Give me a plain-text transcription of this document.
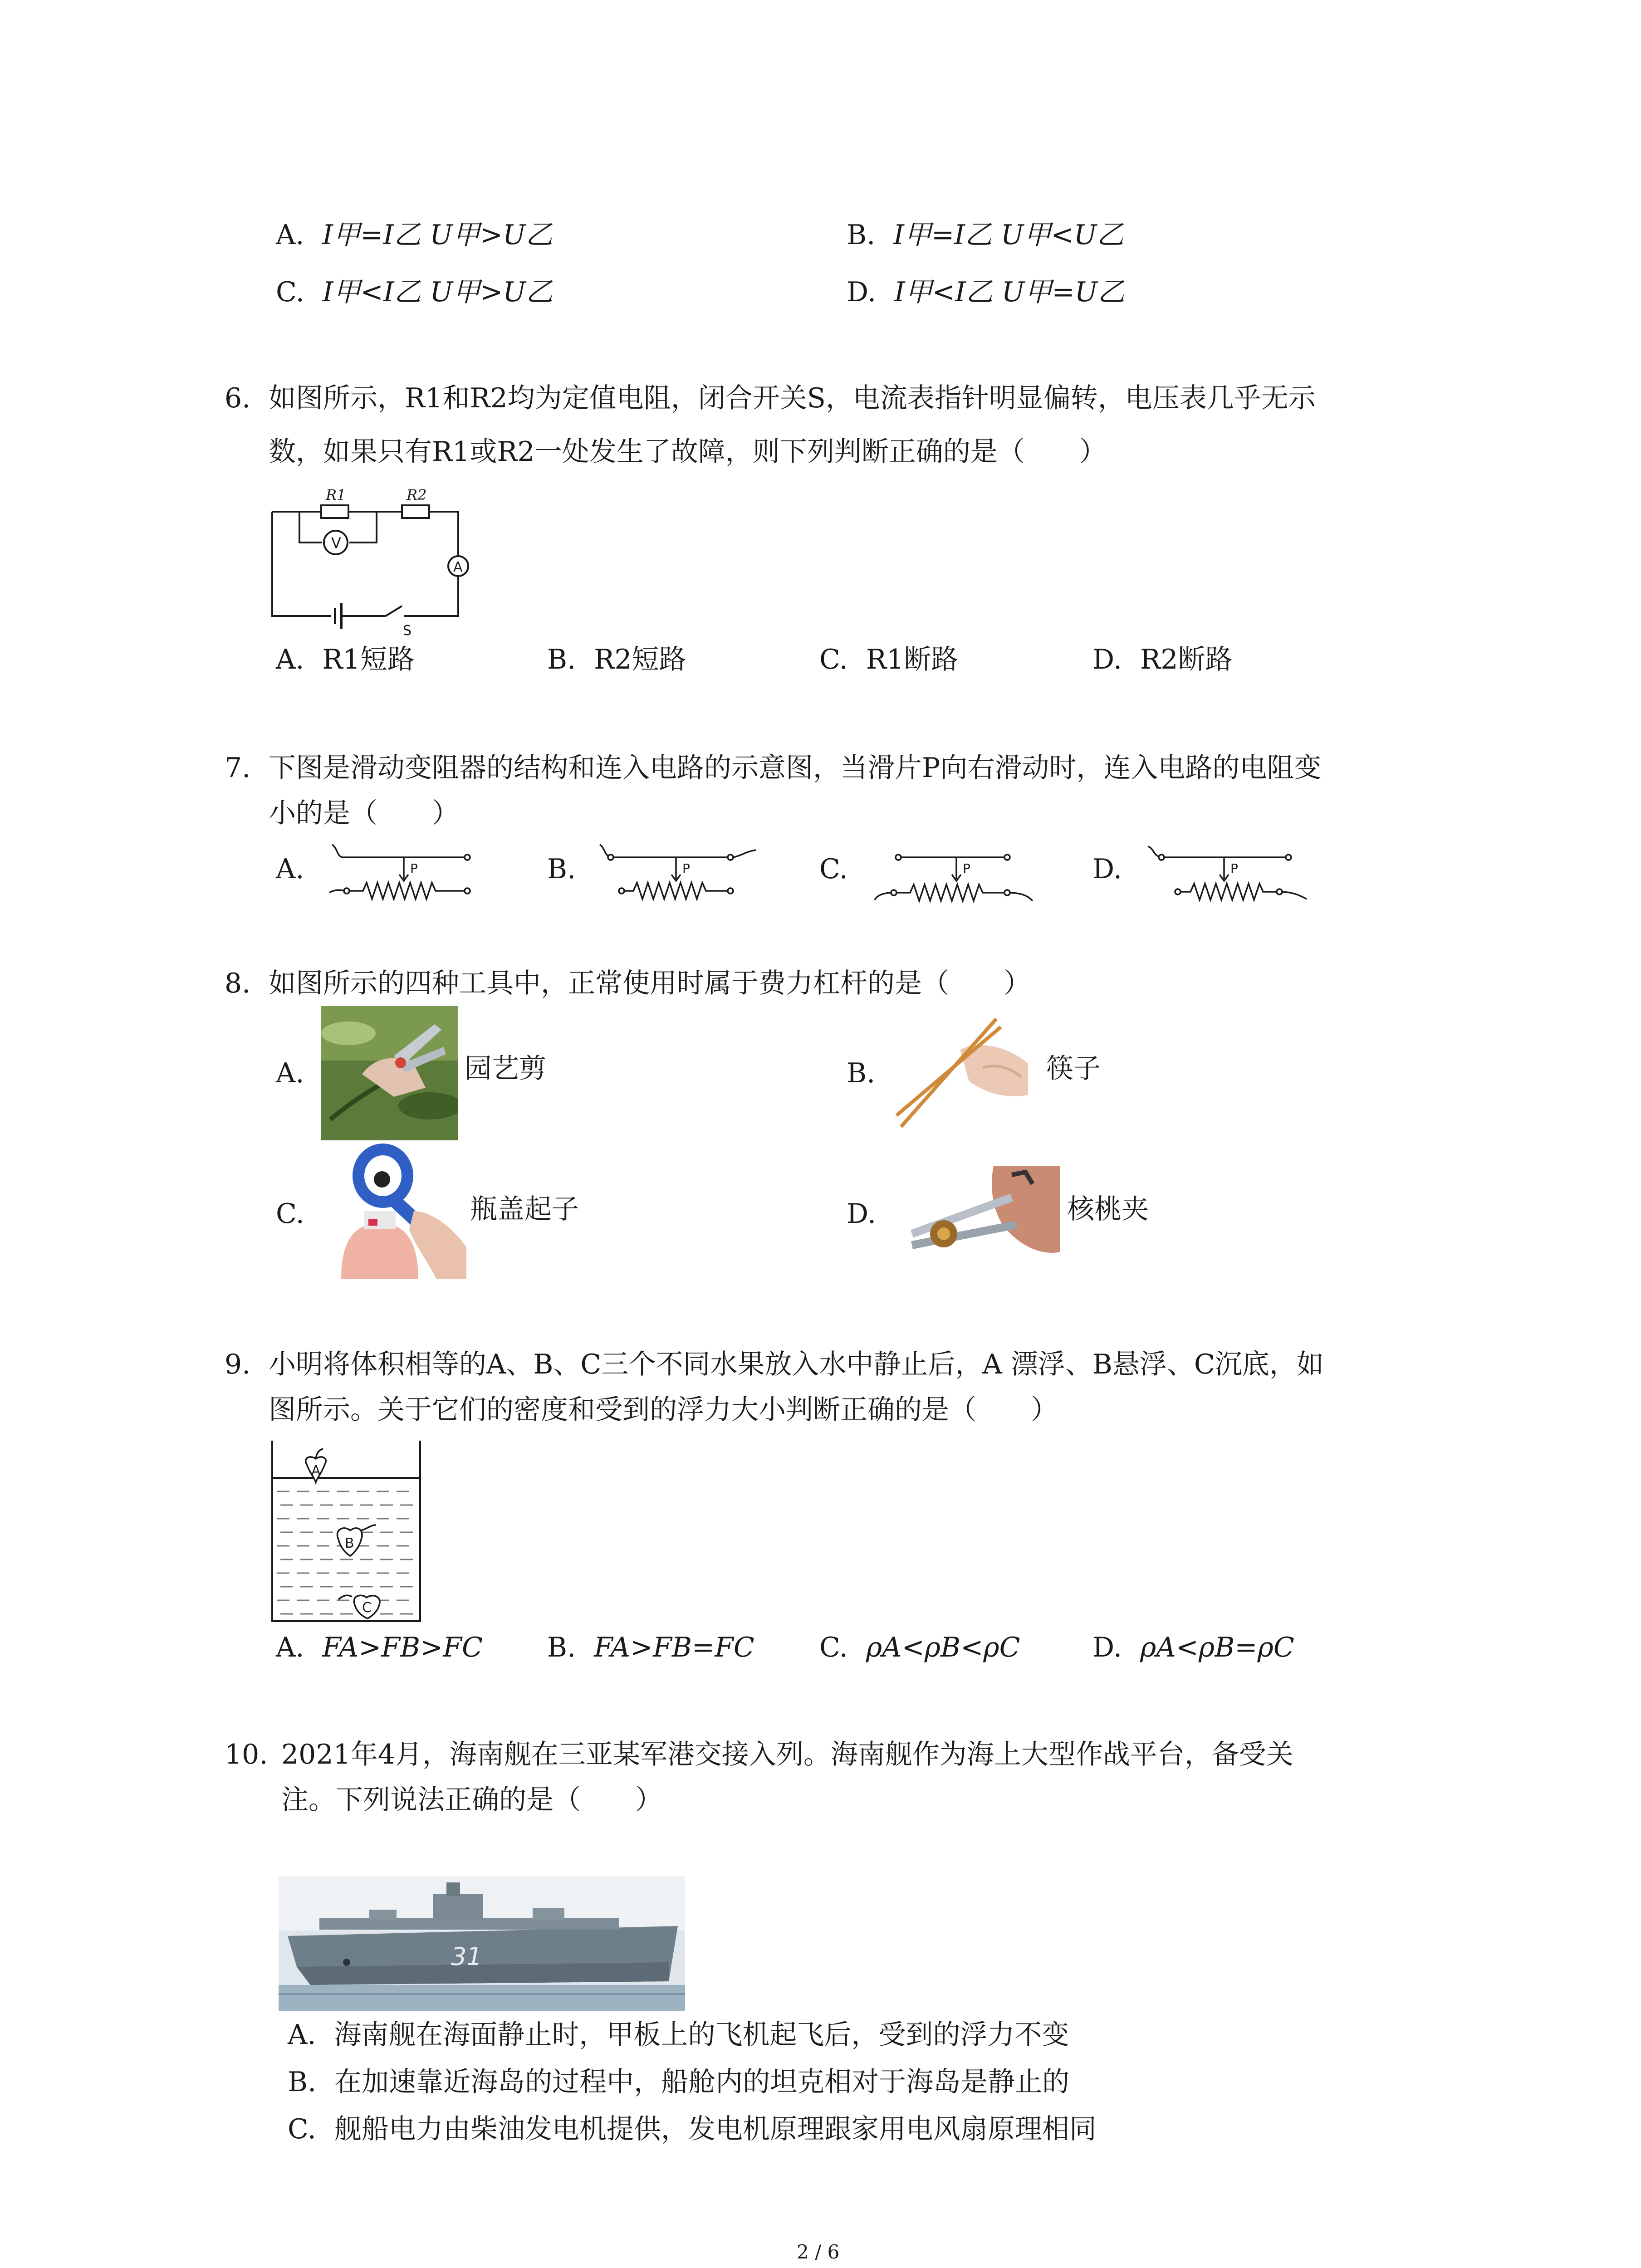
A. I甲=I乙 U甲>U乙	B. I甲=I乙 U甲<U乙
C. I甲<I乙 U甲>U乙	D. I甲<I乙 U甲=U乙
6. 如图所示，R1和R2均为定值电阻，闭合开关S，电流表指针明显偏转，电压表几乎无示
数，如果只有R1或R2一处发生了故障，则下列判断正确的是（　　）
R1	R2
V
A
S
A. R1短路	B. R2短路	C. R1断路	D. R2断路
7. 下图是滑动变阻器的结构和连入电路的示意图，当滑片P向右滑动时，连入电路的电阻变
小的是（　　）
A.	P	B.	P	C.	P	D.	P
8. 如图所示的四种工具中，正常使用时属于费力杠杆的是（　　）
A.	园艺剪	B.	筷子
C.	瓶盖起子	D.	核桃夹
9. 小明将体积相等的A、B、C三个不同水果放入水中静止后，A 漂浮、B悬浮、C沉底，如
图所示。关于它们的密度和受到的浮力大小判断正确的是（　　）
A
B
C
A. FA>FB>FC B. FA>FB=FC C. ρA<ρB<ρC	D. ρA<ρB=ρC
10. 2021年4月，海南舰在三亚某军港交接入列。海南舰作为海上大型作战平台，备受关
注。下列说法正确的是（　　）
31
A. 海南舰在海面静止时，甲板上的飞机起飞后，受到的浮力不变
B. 在加速靠近海岛的过程中，船舱内的坦克相对于海岛是静止的
C. 舰船电力由柴油发电机提供，发电机原理跟家用电风扇原理相同
2 / 6
